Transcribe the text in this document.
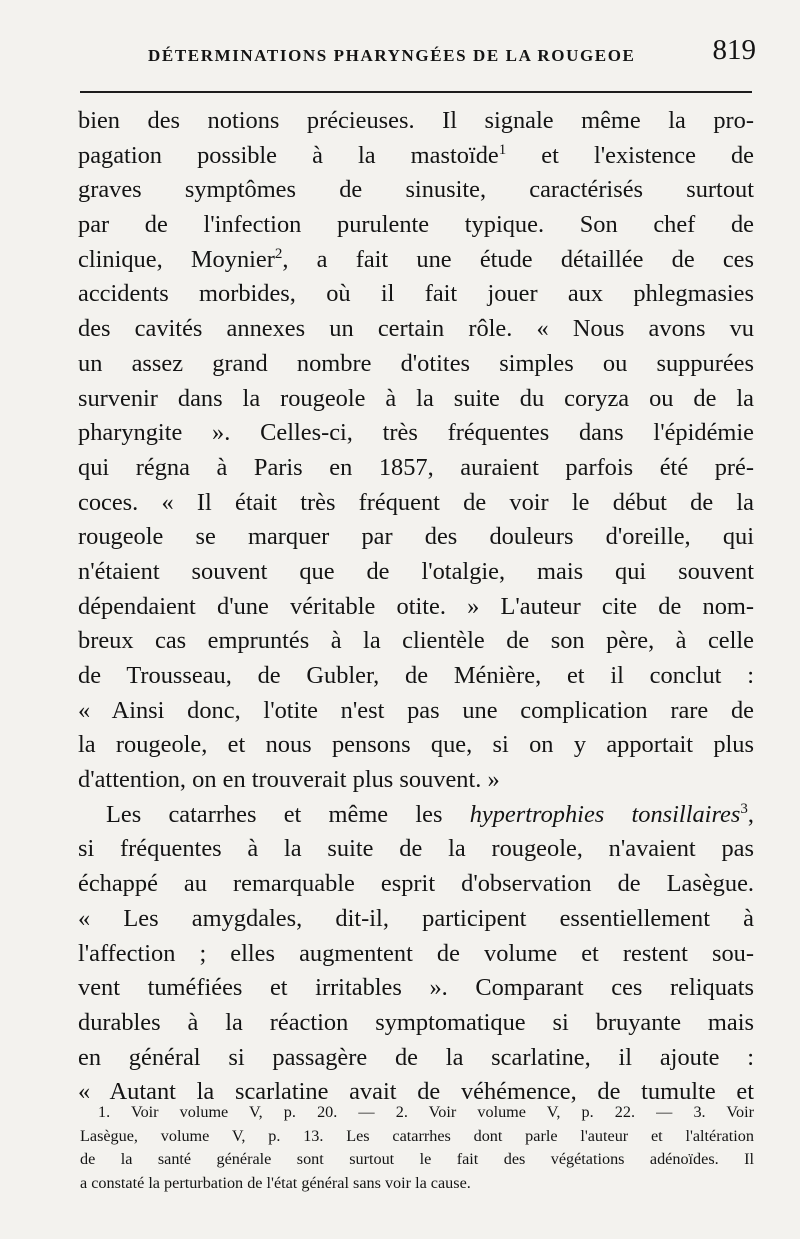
DÉTERMINATIONS PHARYNGÉES DE LA ROUGEOE	819
bien des notions précieuses. Il signale même la pro-
pagation possible à la mastoïde$^1$ et l'existence de
graves symptômes de sinusite, caractérisés surtout
par de l'infection purulente typique. Son chef de
clinique, Moynier$^2$, a fait une étude détaillée de ces
accidents morbides, où il fait jouer aux phlegmasies
des cavités annexes un certain rôle. « Nous avons vu
un assez grand nombre d'otites simples ou suppurées
survenir dans la rougeole à la suite du coryza ou de la
pharyngite ». Celles-ci, très fréquentes dans l'épidémie
qui régna à Paris en 1857, auraient parfois été pré-
coces. « Il était très fréquent de voir le début de la
rougeole se marquer par des douleurs d'oreille, qui
n'étaient souvent que de l'otalgie, mais qui souvent
dépendaient d'une véritable otite. » L'auteur cite de nom-
breux cas empruntés à la clientèle de son père, à celle
de Trousseau, de Gubler, de Ménière, et il conclut :
« Ainsi donc, l'otite n'est pas une complication rare de
la rougeole, et nous pensons que, si on y apportait plus
d'attention, on en trouverait plus souvent. »
Les catarrhes et même les hypertrophies tonsillaires$^3$,
si fréquentes à la suite de la rougeole, n'avaient pas
échappé au remarquable esprit d'observation de Lasègue.
« Les amygdales, dit-il, participent essentiellement à
l'affection ; elles augmentent de volume et restent sou-
vent tuméfiées et irritables ». Comparant ces reliquats
durables à la réaction symptomatique si bruyante mais
en général si passagère de la scarlatine, il ajoute :
« Autant la scarlatine avait de véhémence, de tumulte et
1. Voir volume V, p. 20. — 2. Voir volume V, p. 22. — 3. Voir
Lasègue, volume V, p. 13. Les catarrhes dont parle l'auteur et l'altération
de la santé générale sont surtout le fait des végétations adénoïdes. Il
a constaté la perturbation de l'état général sans voir la cause.
